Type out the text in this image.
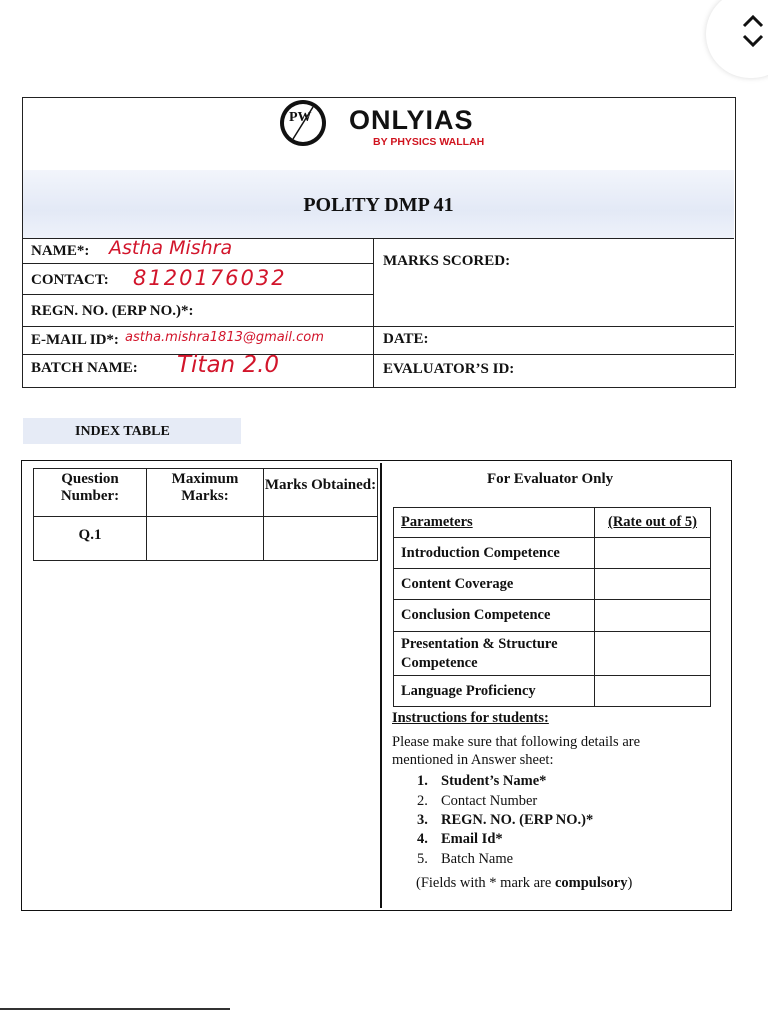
PW ONLYIAS
BY PHYSICS WALLAH
POLITY DMP 41
NAME*: Astha Mishra
CONTACT: 8120176032
REGN. NO. (ERP NO.)*:
E-MAIL ID*: astha.mishra1813@gmail.com
BATCH NAME: Titan 2.0
MARKS SCORED:
DATE:
EVALUATOR’S ID:
INDEX TABLE
Question Number:	Maximum Marks:	Marks Obtained:
Q.1		
For Evaluator Only
Parameters	(Rate out of 5)
Introduction Competence	
Content Coverage	
Conclusion Competence	
Presentation & Structure Competence	
Language Proficiency	
Instructions for students:
Please make sure that following details are
mentioned in Answer sheet:
1. Student’s Name*
2. Contact Number
3. REGN. NO. (ERP NO.)*
4. Email Id*
5. Batch Name
(Fields with * mark are compulsory)
